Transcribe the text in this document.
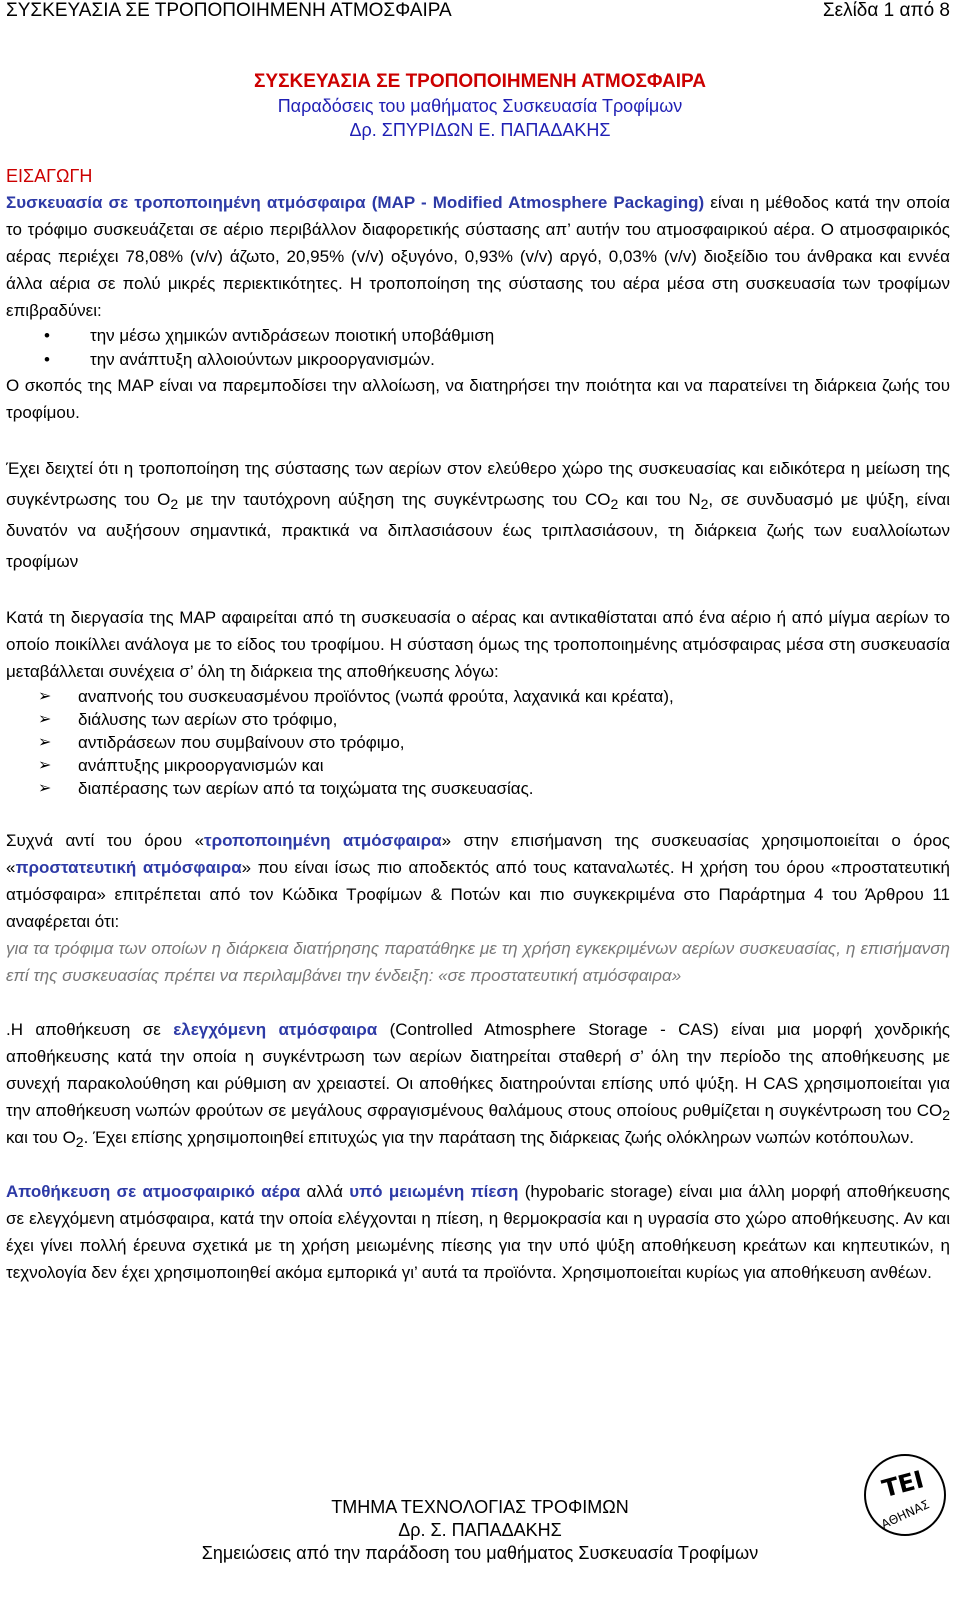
ΣΥΣΚΕΥΑΣΙΑ ΣΕ ΤΡΟΠΟΠΟΙΗΜΕΝΗ ΑΤΜΟΣΦΑΙΡΑ	Σελίδα 1 από 8
ΣΥΣΚΕΥΑΣΙΑ ΣΕ ΤΡΟΠΟΠΟΙΗΜΕΝΗ ΑΤΜΟΣΦΑΙΡΑ
Παραδόσεις του μαθήματος Συσκευασία Τροφίμων
Δρ. ΣΠΥΡΙΔΩΝ Ε. ΠΑΠΑΔΑΚΗΣ
ΕΙΣΑΓΩΓΗ

Συσκευασία σε τροποποιημένη ατμόσφαιρα (MAP - Modified Atmosphere Packaging) είναι η μέθοδος κατά την οποία το τρόφιμο συσκευάζεται σε αέριο περιβάλλον διαφορετικής σύστασης απ’ αυτήν του ατμοσφαιρικού αέρα. Ο ατμοσφαιρικός αέρας περιέχει 78,08% (v/v) άζωτο, 20,95% (v/v) οξυγόνο, 0,93% (v/v) αργό, 0,03% (v/v) διοξείδιο του άνθρακα και εννέα άλλα αέρια σε πολύ μικρές περιεκτικότητες. Η τροποποίηση της σύστασης του αέρα μέσα στη συσκευασία των τροφίμων επιβραδύνει:

• την μέσω χημικών αντιδράσεων ποιοτική υποβάθμιση
• την ανάπτυξη αλλοιούντων μικροοργανισμών.

Ο σκοπός της MAP είναι να παρεμποδίσει την αλλοίωση, να διατηρήσει την ποιότητα και να παρατείνει τη διάρκεια ζωής του τροφίμου.

Έχει δειχτεί ότι η τροποποίηση της σύστασης των αερίων στον ελεύθερο χώρο της συσκευασίας και ειδικότερα η μείωση της συγκέντρωσης του $O_2$ με την ταυτόχρονη αύξηση της συγκέντρωσης του $CO_2$ και του $N_2$, σε συνδυασμό με ψύξη, είναι δυνατόν να αυξήσουν σημαντικά, πρακτικά να διπλασιάσουν έως τριπλασιάσουν, τη διάρκεια ζωής των ευαλλοίωτων τροφίμων

Κατά τη διεργασία της MAP αφαιρείται από τη συσκευασία ο αέρας και αντικαθίσταται από ένα αέριο ή από μίγμα αερίων το οποίο ποικίλλει ανάλογα με το είδος του τροφίμου. Η σύσταση όμως της τροποποιημένης ατμόσφαιρας μέσα στη συσκευασία μεταβάλλεται συνέχεια σ’ όλη τη διάρκεια της αποθήκευσης λόγω:

➢ αναπνοής του συσκευασμένου προϊόντος (νωπά φρούτα, λαχανικά και κρέατα),
➢ διάλυσης των αερίων στο τρόφιμο,
➢ αντιδράσεων που συμβαίνουν στο τρόφιμο,
➢ ανάπτυξης μικροοργανισμών και
➢ διαπέρασης των αερίων από τα τοιχώματα της συσκευασίας.

Συχνά αντί του όρου «τροποποιημένη ατμόσφαιρα» στην επισήμανση της συσκευασίας χρησιμοποιείται ο όρος «προστατευτική ατμόσφαιρα» που είναι ίσως πιο αποδεκτός από τους καταναλωτές. Η χρήση του όρου «προστατευτική ατμόσφαιρα» επιτρέπεται από τον Κώδικα Τροφίμων & Ποτών και πιο συγκεκριμένα στο Παράρτημα 4 του Άρθρου 11 αναφέρεται ότι:

για τα τρόφιμα των οποίων η διάρκεια διατήρησης παρατάθηκε με τη χρήση εγκεκριμένων αερίων συσκευασίας, η επισήμανση επί της συσκευασίας πρέπει να περιλαμβάνει την ένδειξη: «σε προστατευτική ατμόσφαιρα»

.Η αποθήκευση σε ελεγχόμενη ατμόσφαιρα (Controlled Atmosphere Storage - CAS) είναι μια μορφή χονδρικής αποθήκευσης κατά την οποία η συγκέντρωση των αερίων διατηρείται σταθερή σ’ όλη την περίοδο της αποθήκευσης με συνεχή παρακολούθηση και ρύθμιση αν χρειαστεί. Οι αποθήκες διατηρούνται επίσης υπό ψύξη. Η CAS χρησιμοποιείται για την αποθήκευση νωπών φρούτων σε μεγάλους σφραγισμένους θαλάμους στους οποίους ρυθμίζεται η συγκέντρωση του $CO_2$ και του $O_2$. Έχει επίσης χρησιμοποιηθεί επιτυχώς για την παράταση της διάρκειας ζωής ολόκληρων νωπών κοτόπουλων.

Αποθήκευση σε ατμοσφαιρικό αέρα αλλά υπό μειωμένη πίεση (hypobaric storage) είναι μια άλλη μορφή αποθήκευσης σε ελεγχόμενη ατμόσφαιρα, κατά την οποία ελέγχονται η πίεση, η θερμοκρασία και η υγρασία στο χώρο αποθήκευσης. Αν και έχει γίνει πολλή έρευνα σχετικά με τη χρήση μειωμένης πίεσης για την υπό ψύξη αποθήκευση κρεάτων και κηπευτικών, η τεχνολογία δεν έχει χρησιμοποιηθεί ακόμα εμπορικά γι’ αυτά τα προϊόντα. Χρησιμοποιείται κυρίως για αποθήκευση ανθέων.

ΤΕΙ
ΑΘΗΝΑΣ
ΤΜΗΜΑ ΤΕΧΝΟΛΟΓΙΑΣ ΤΡΟΦΙΜΩΝ
Δρ. Σ. ΠΑΠΑΔΑΚΗΣ
Σημειώσεις από την παράδοση του μαθήματος Συσκευασία Τροφίμων
